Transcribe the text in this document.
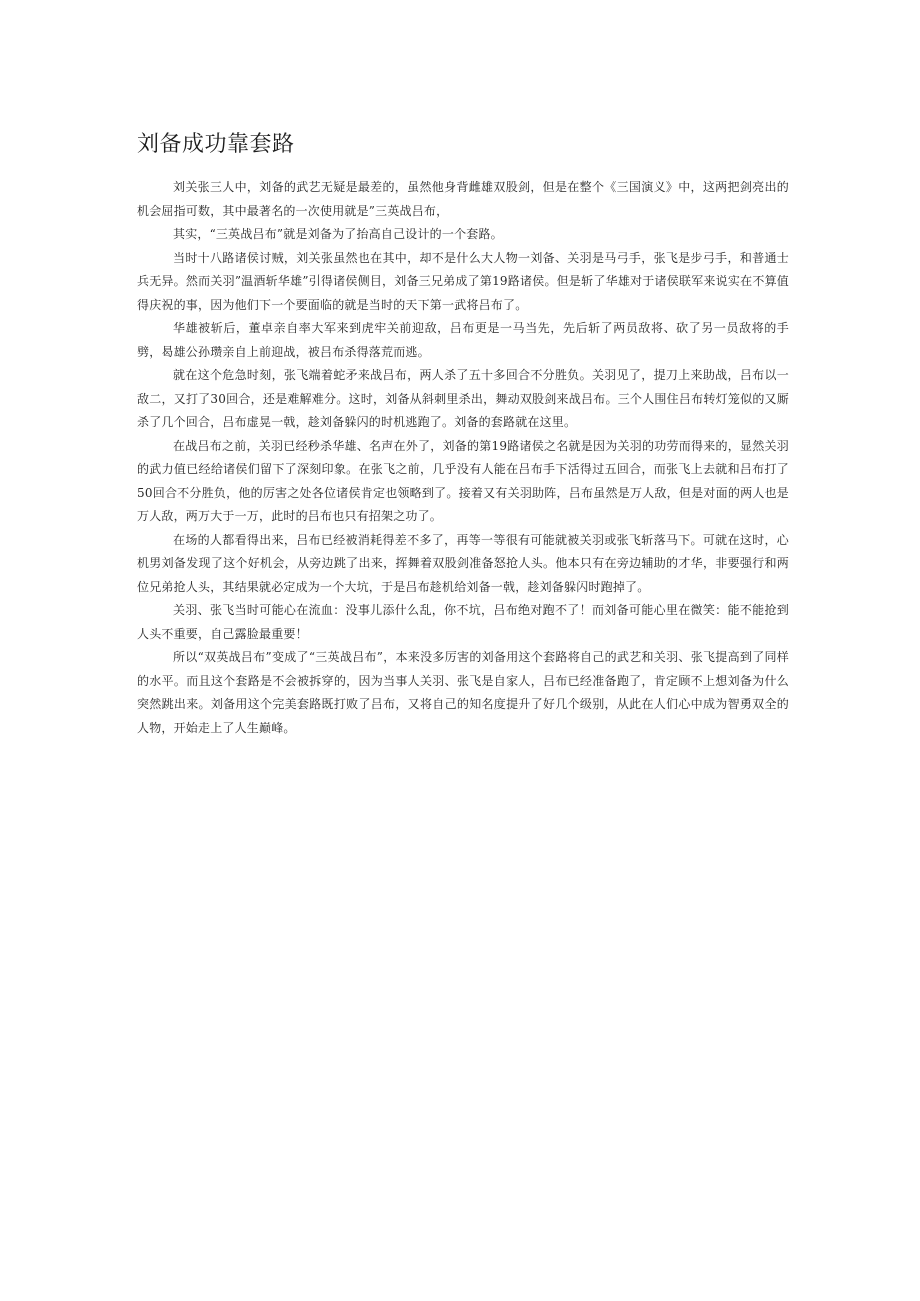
刘备成功靠套路

刘关张三人中，刘备的武艺无疑是最差的，虽然他身背雌雄双股剑，但是在整个《三国演义》中，这两把剑亮出的机会屈指可数，其中最著名的一次使用就是”三英战吕布，

其实，“三英战吕布”就是刘备为了抬高自己设计的一个套路。

当时十八路诸侯讨贼，刘关张虽然也在其中，却不是什么大人物一刘备、关羽是马弓手，张飞是步弓手，和普通士兵无异。然而关羽”温酒斩华雄”引得诸侯侧目，刘备三兄弟成了第19路诸侯。但是斩了华雄对于诸侯联军来说实在不算值得庆祝的事，因为他们下一个要面临的就是当时的天下第一武将吕布了。

华雄被斩后，董卓亲自率大军来到虎牢关前迎敌，吕布更是一马当先，先后斩了两员敌将、砍了另一员敌将的手劈，曷雄公孙瓒亲自上前迎战，被吕布杀得落荒而逃。

就在这个危急时刻，张飞端着蛇矛来战吕布，两人杀了五十多回合不分胜负。关羽见了，提刀上来助战，吕布以一敌二，又打了30回合，还是难解难分。这时，刘备从斜刺里杀出，舞动双股剑来战吕布。三个人围住吕布转灯笼似的又厮杀了几个回合，吕布虚晃一戟，趁刘备躲闪的时机逃跑了。刘备的套路就在这里。

在战吕布之前，关羽已经秒杀华雄、名声在外了，刘备的第19路诸侯之名就是因为关羽的功劳而得来的，显然关羽的武力值已经给诸侯们留下了深刻印象。在张飞之前，几乎没有人能在吕布手下活得过五回合，而张飞上去就和吕布打了50回合不分胜负，他的厉害之处各位诸侯肯定也领略到了。接着又有关羽助阵，吕布虽然是万人敌，但是对面的两人也是万人敌，两万大于一万，此时的吕布也只有招架之功了。

在场的人都看得出来，吕布已经被消耗得差不多了，再等一等很有可能就被关羽或张飞斩落马下。可就在这时，心机男刘备发现了这个好机会，从旁边跳了出来，挥舞着双股剑准备怒抢人头。他本只有在旁边辅助的才华，非要强行和两位兄弟抢人头，其结果就必定成为一个大坑，于是吕布趁机给刘备一戟，趁刘备躲闪时跑掉了。

关羽、张飞当时可能心在流血：没事儿添什么乱，你不坑，吕布绝对跑不了！而刘备可能心里在微笑：能不能抢到人头不重要，自己露脸最重要！

所以“双英战吕布”变成了“三英战吕布”，本来没多厉害的刘备用这个套路将自己的武艺和关羽、张飞提高到了同样的水平。而且这个套路是不会被拆穿的，因为当事人关羽、张飞是自家人，吕布已经准备跑了，肯定顾不上想刘备为什么突然跳出来。刘备用这个完美套路既打败了吕布，又将自己的知名度提升了好几个级别，从此在人们心中成为智勇双全的人物，开始走上了人生巅峰。
